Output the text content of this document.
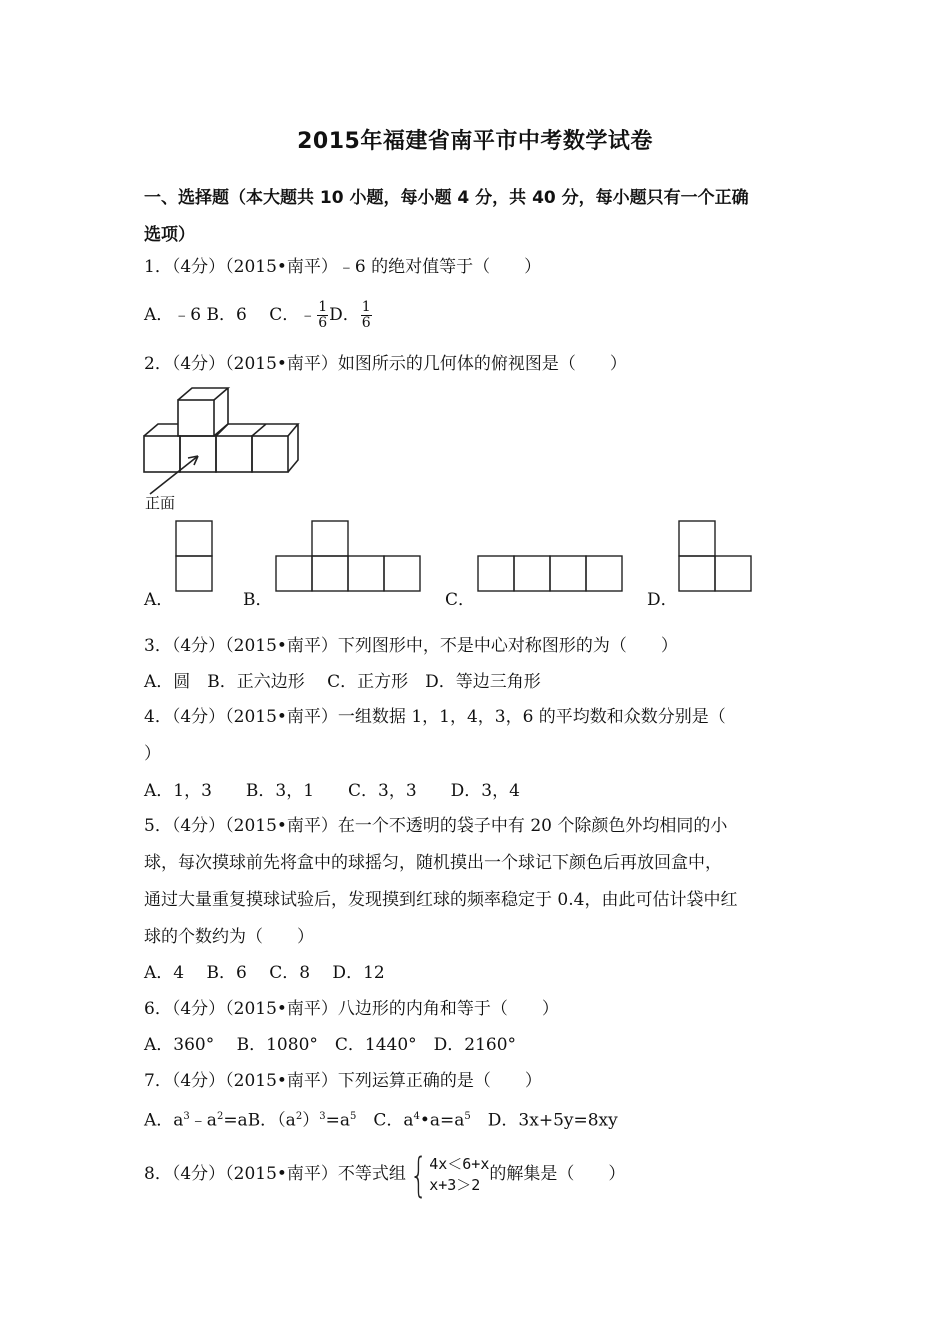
2015年福建省南平市中考数学试卷
一、选择题（本大题共 10 小题，每小题 4 分，共 40 分，每小题只有一个正确
选项）
1．（4分）（2015•南平）﹣6 的绝对值等于（　　）
A．﹣6 B．6　 C．﹣ $\frac{1}{6}$ D． $\frac{1}{6}$
2．（4分）（2015•南平）如图所示的几何体的俯视图是（　　）
正面
A．	B．	C．	D．
3．（4分）（2015•南平）下列图形中，不是中心对称图形的为（　　）
A．圆　B．正六边形　 C．正方形　D．等边三角形
4．（4分）（2015•南平）一组数据 1，1，4，3，6 的平均数和众数分别是（
）
A．1，3　　B．3，1　　C．3，3　　D．3，4
5．（4分）（2015•南平）在一个不透明的袋子中有 20 个除颜色外均相同的小
球，每次摸球前先将盒中的球摇匀，随机摸出一个球记下颜色后再放回盒中，
通过大量重复摸球试验后，发现摸到红球的频率稳定于 0.4，由此可估计袋中红
球的个数约为（　　）
A．4　 B．6　 C．8　 D．12
6．（4分）（2015•南平）八边形的内角和等于（　　）
A．360°　 B．1080°　C．1440°　D．2160°
7．（4分）（2015•南平）下列运算正确的是（　　）
A．$a^3﹣a^2=aB$．$(a^2)^3=a^5$　C．$a^4•a=a^5$　D．3x+5y=8xy
8．（4分）（2015•南平）不等式组 { 4x＜6+x
x+3＞2
的解集是（　　）
